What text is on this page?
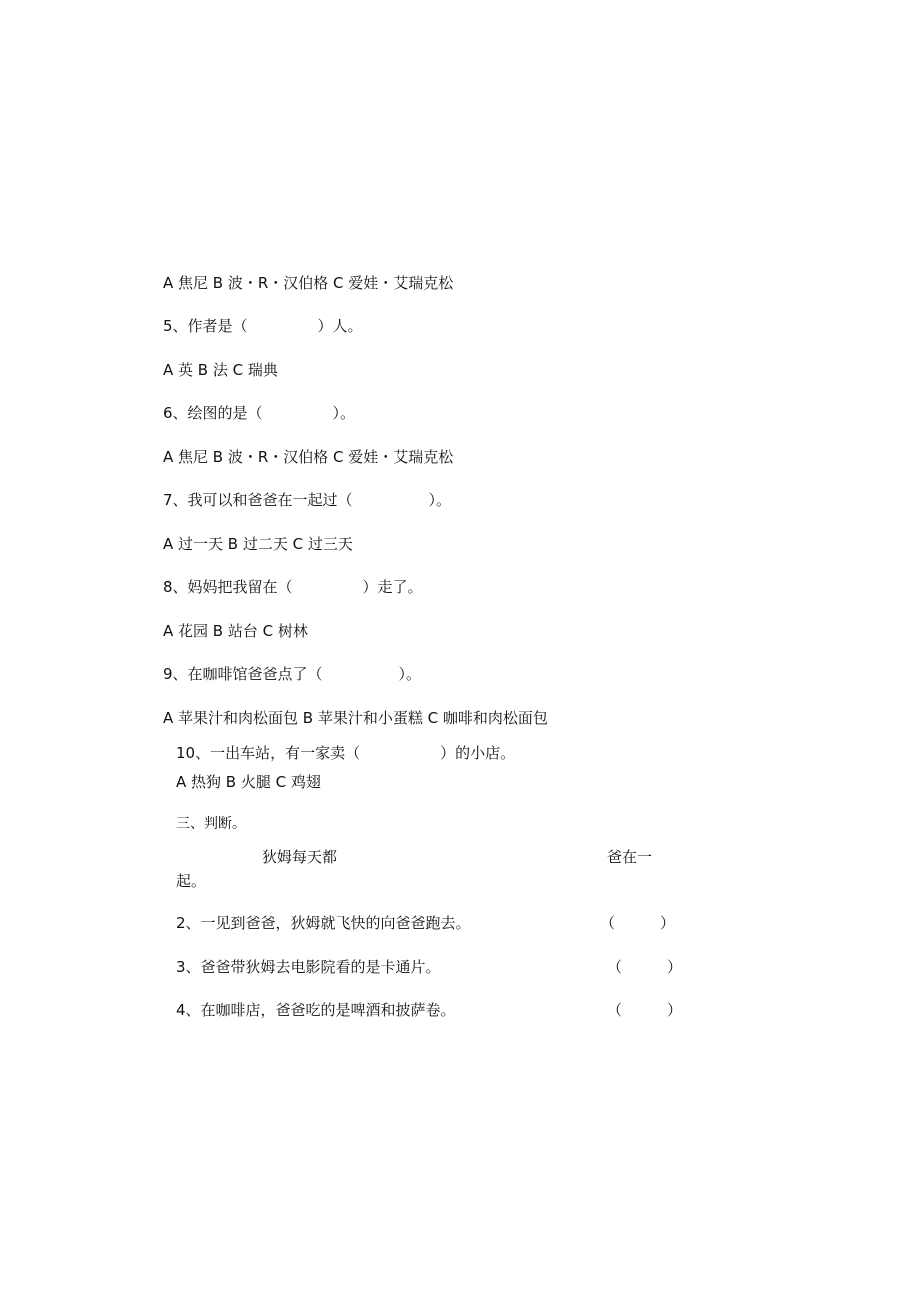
A 焦尼 B 波・R・汉伯格 C 爱娃・艾瑞克松
5、作者是（	）人。
A 英 B 法 C 瑞典
6、绘图的是（	）。
A 焦尼 B 波・R・汉伯格 C 爱娃・艾瑞克松
7、我可以和爸爸在一起过（	）。
A 过一天 B 过二天 C 过三天
8、妈妈把我留在（	）走了。
A 花园 B 站台 C 树林
9、在咖啡馆爸爸点了（	）。
A 苹果汁和肉松面包 B 苹果汁和小蛋糕 C 咖啡和肉松面包
10、一出车站，有一家卖（	）的小店。
A 热狗 B 火腿 C 鸡翅
三、判断。
狄姆每天都	爸在一
起。
2、一见到爸爸，狄姆就飞快的向爸爸跑去。	（　　　）
3、爸爸带狄姆去电影院看的是卡通片。	（　　　）
4、在咖啡店，爸爸吃的是啤酒和披萨卷。	（　　　）
